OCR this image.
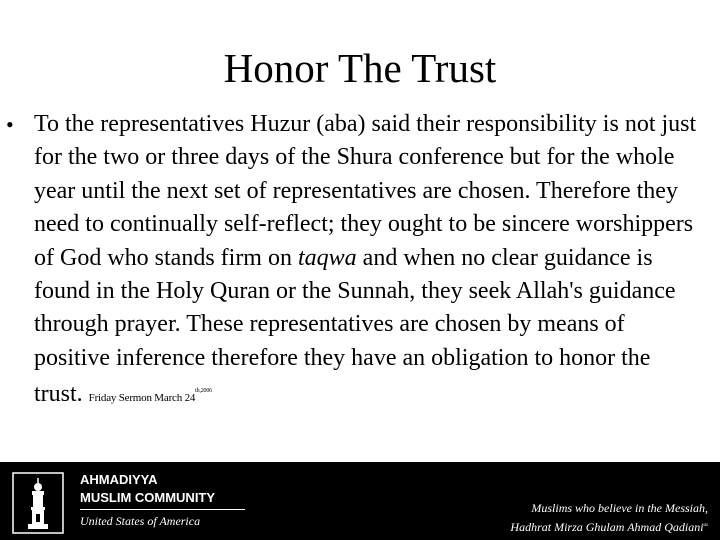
Honor The Trust
• To the representatives Huzur (aba) said their responsibility is not just for the two or three days of the Shura conference but for the whole year until the next set of representatives are chosen. Therefore they need to continually self-reflect; they ought to be sincere worshippers of God who stands firm on taqwa and when no clear guidance is found in the Holy Quran or the Sunnah, they seek Allah's guidance through prayer. These representatives are chosen by means of positive inference therefore they have an obligation to honor the trust. Friday Sermon March $24^{th,2006}$
AHMADIYYA
MUSLIM COMMUNITY
United States of America
Muslims who believe in the Messiah,
Hadhrat Mirza Ghulam Ahmad Qadiani$^{as}$
